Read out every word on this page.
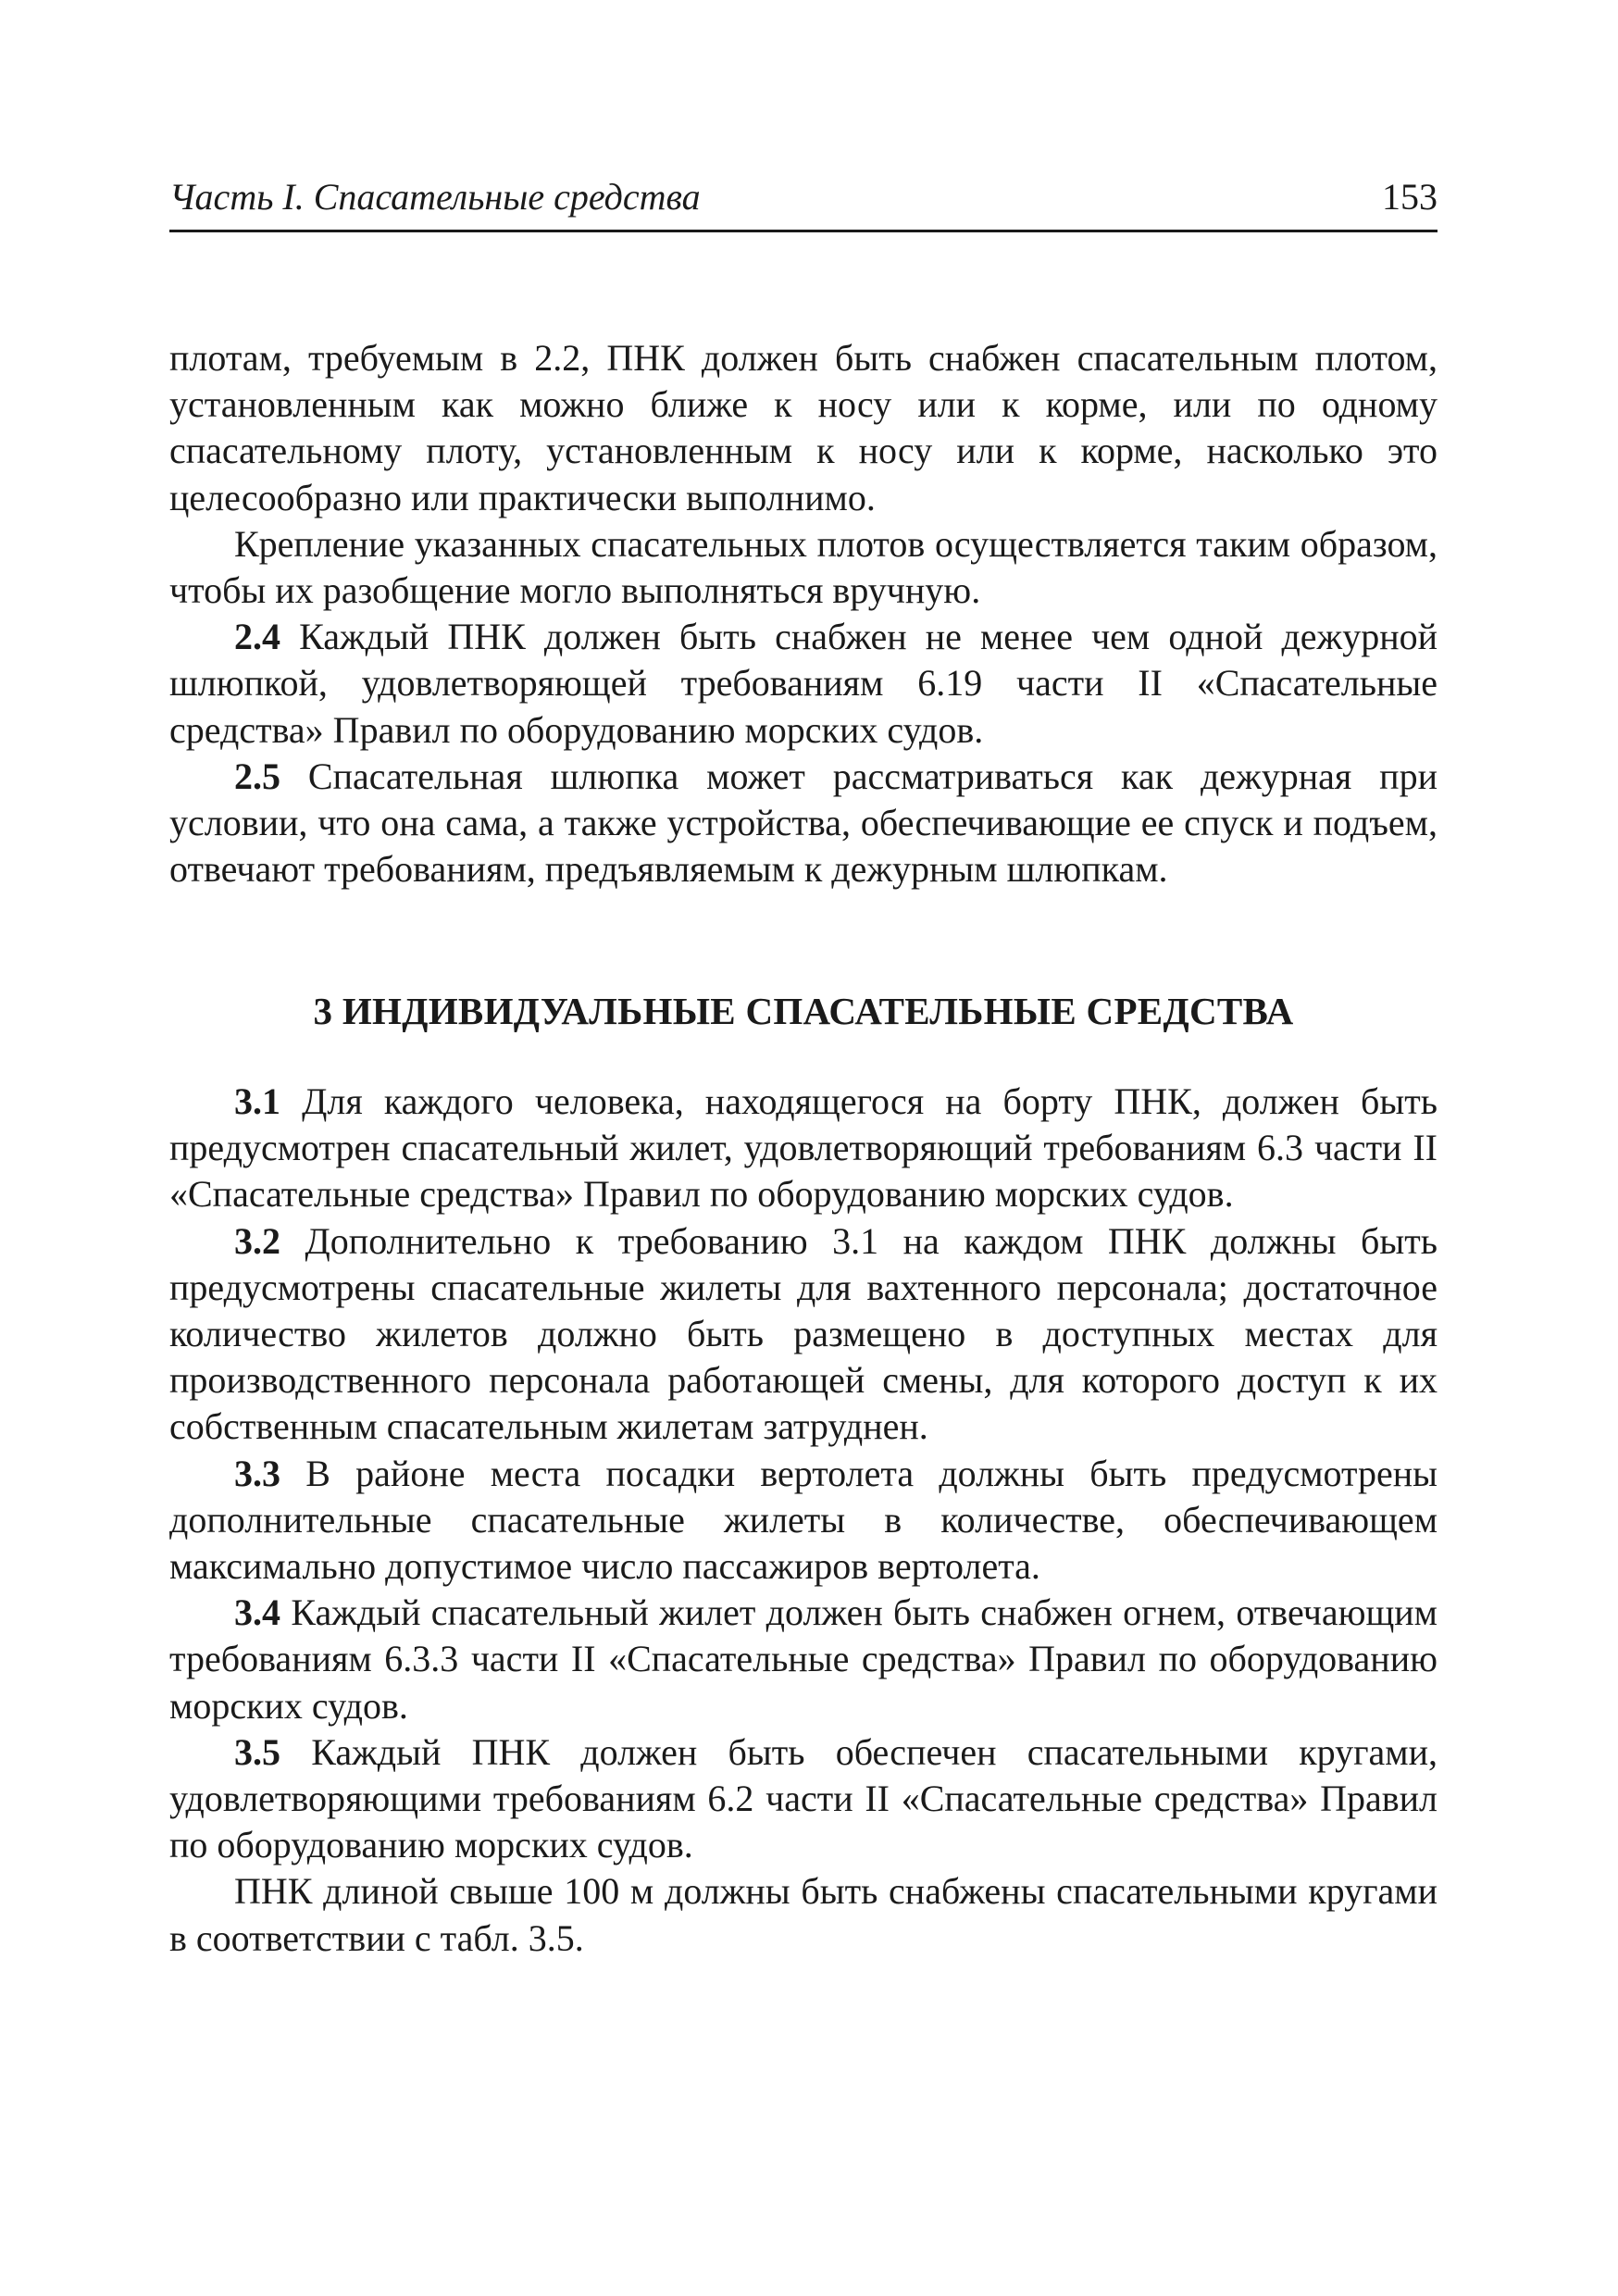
Часть I. Спасательные средства	153

плотам, требуемым в 2.2, ПНК должен быть снабжен спасательным плотом, установленным как можно ближе к носу или к корме, или по одному спасательному плоту, установленным к носу или к корме, насколько это целесообразно или практически выполнимо.

Крепление указанных спасательных плотов осуществляется таким образом, чтобы их разобщение могло выполняться вручную.

2.4 Каждый ПНК должен быть снабжен не менее чем одной дежурной шлюпкой, удовлетворяющей требованиям 6.19 части II «Спасательные средства» Правил по оборудованию морских судов.

2.5 Спасательная шлюпка может рассматриваться как дежурная при условии, что она сама, а также устройства, обеспечивающие ее спуск и подъем, отвечают требованиям, предъявляемым к дежурным шлюпкам.

3 ИНДИВИДУАЛЬНЫЕ СПАСАТЕЛЬНЫЕ СРЕДСТВА

3.1 Для каждого человека, находящегося на борту ПНК, должен быть предусмотрен спасательный жилет, удовлетворяющий требованиям 6.3 части II «Спасательные средства» Правил по оборудованию морских судов.

3.2 Дополнительно к требованию 3.1 на каждом ПНК должны быть предусмотрены спасательные жилеты для вахтенного персонала; достаточное количество жилетов должно быть размещено в доступных местах для производственного персонала работающей смены, для которого доступ к их собственным спасательным жилетам затруднен.

3.3 В районе места посадки вертолета должны быть предусмотрены дополнительные спасательные жилеты в количестве, обеспечивающем максимально допустимое число пассажиров вертолета.

3.4 Каждый спасательный жилет должен быть снабжен огнем, отвечающим требованиям 6.3.3 части II «Спасательные средства» Правил по оборудованию морских судов.

3.5 Каждый ПНК должен быть обеспечен спасательными кругами, удовлетворяющими требованиям 6.2 части II «Спасательные средства» Правил по оборудованию морских судов.

ПНК длиной свыше 100 м должны быть снабжены спасательными кругами в соответствии с табл. 3.5.
